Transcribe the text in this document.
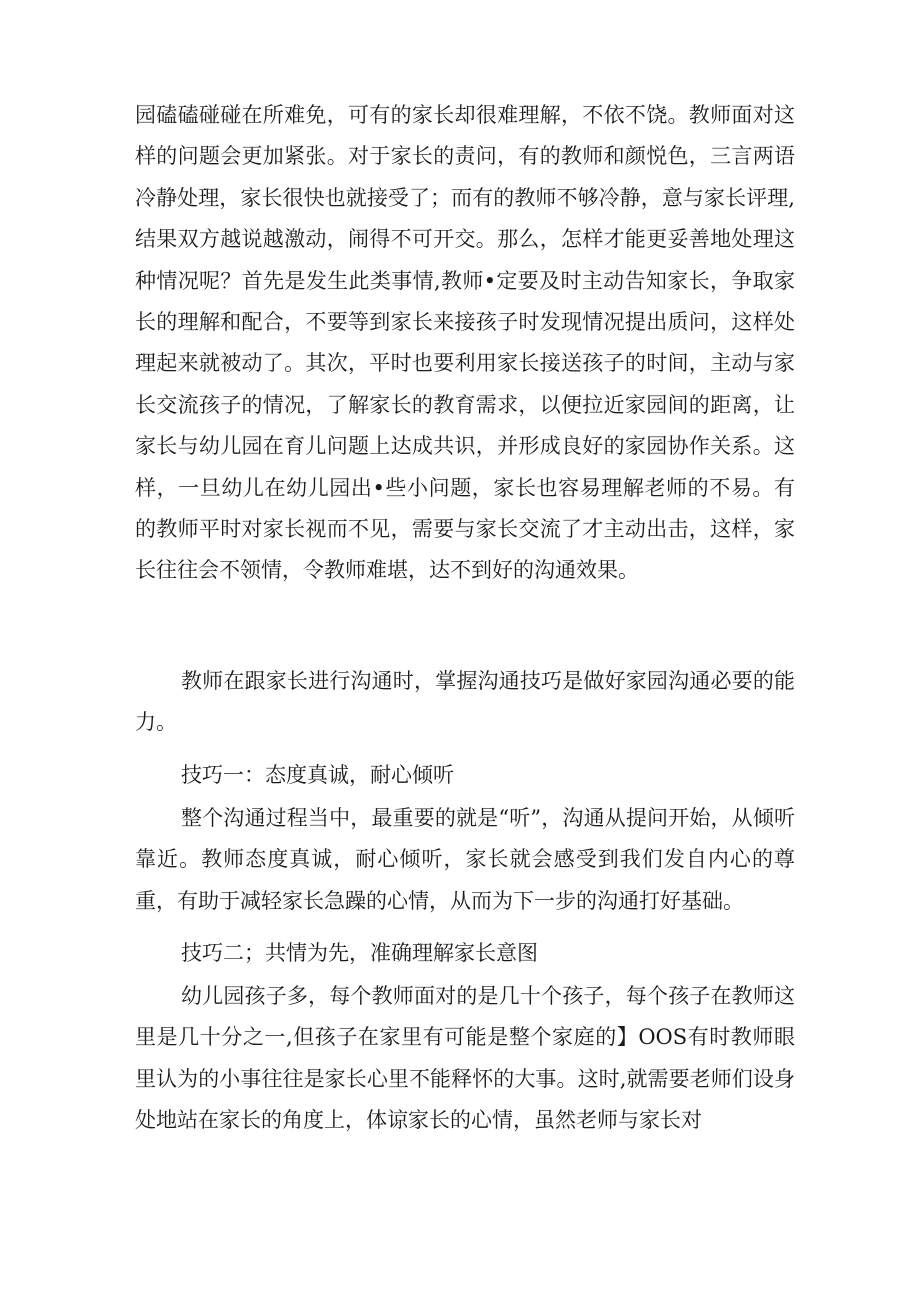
园磕磕碰碰在所难免，可有的家长却很难理解，不依不饶。教师面对这样的问题会更加紧张。对于家长的责问，有的教师和颜悦色，三言两语冷静处理，家长很快也就接受了；而有的教师不够冷静，意与家长评理,结果双方越说越激动，闹得不可开交。那么，怎样才能更妥善地处理这种情况呢？首先是发生此类事情,教师•定要及时主动告知家长，争取家长的理解和配合，不要等到家长来接孩子时发现情况提出质问，这样处理起来就被动了。其次，平时也要利用家长接送孩子的时间，主动与家长交流孩子的情况，了解家长的教育需求，以便拉近家园间的距离，让家长与幼儿园在育儿问题上达成共识，并形成良好的家园协作关系。这样，一旦幼儿在幼儿园出•些小问题，家长也容易理解老师的不易。有的教师平时对家长视而不见，需要与家长交流了才主动出击，这样，家长往往会不领情，令教师难堪，达不到好的沟通效果。

教师在跟家长进行沟通时，掌握沟通技巧是做好家园沟通必要的能力。

技巧一：态度真诚，耐心倾听

整个沟通过程当中，最重要的就是“听”，沟通从提问开始，从倾听靠近。教师态度真诚，耐心倾听，家长就会感受到我们发自内心的尊重，有助于减轻家长急躁的心情，从而为下一步的沟通打好基础。

技巧二；共情为先，准确理解家长意图

幼儿园孩子多，每个教师面对的是几十个孩子，每个孩子在教师这里是几十分之一,但孩子在家里有可能是整个家庭的】OOS有时教师眼里认为的小事往往是家长心里不能释怀的大事。这时,就需要老师们设身处地站在家长的角度上，体谅家长的心情，虽然老师与家长对
